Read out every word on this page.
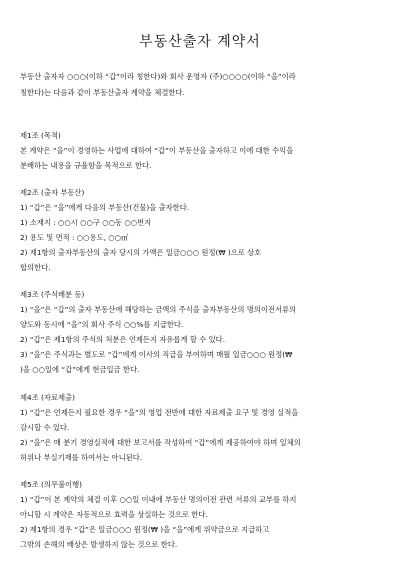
부동산출자 계약서
부동산 출자자 ○○○(이하 “갑”이라 칭한다)와 회사 운영자 (주)○○○○(이하 “을”이라
칭한다)는 다음과 같이 부동산출자 계약을 체결한다.
제1조 (목적)
본 계약은 “을”이 경영하는 사업에 대하여 “갑”이 부동산을 출자하고 이에 대한 수익을
분배하는 내용을 규율함을 목적으로 한다.
제2조 (출자 부동산)
1) “갑”은 “을”에게 다음의 부동산(건물)을 출자한다.
1) 소재지 : ○○시 ○○구 ○○동 ○○번지
2) 용도 및 면적 : ○○용도, ○○㎡
2) 제1항의 출자부동산의 출자 당시의 가액은 일금○○○ 원정(₩ )으로 상호
합의한다.
제3조 (주식배분 등)
1) “을”은 “갑”의 출자 부동산에 해당하는 금액의 주식을 출자부동산의 명의이전서류의
양도와 동시에 “을”의 회사 주식 ○○%를 지급한다.
2) “갑”은 제1항의 주식의 처분은 언제든지 자유롭게 할 수 있다.
3) “을”은 주식과는 별도로 “갑”에게 이사의 직급을 부여하며 매월 일금○○○ 원정(₩
)을 ○○일에 “갑”에게 현금입금 한다.
제4조 (자료제출)
1) “갑”은 언제든지 필요한 경우 “을”의 영업 전반에 대한 자료제출 요구 및 경영 실적을
감시할 수 있다.
2) “을”은 매 분기 경영실적에 대한 보고서를 작성하여 “갑”에게 제공하여야 하며 일체의
허위나 부실기재를 하여서는 아니된다.
제5조 (의무불이행)
1) “갑”이 본 계약의 체결 이후 ○○일 이내에 부동산 명의이전 관련 서류의 교부를 하지
아니할 시 계약은 자동적으로 효력을 상실하는 것으로 한다.
2) 제1항의 경우 “갑”은 일금○○○ 원정(₩ )을 “을”에게 위약금으로 지급하고
그밖의 손해의 배상은 발생하지 않는 것으로 한다.
